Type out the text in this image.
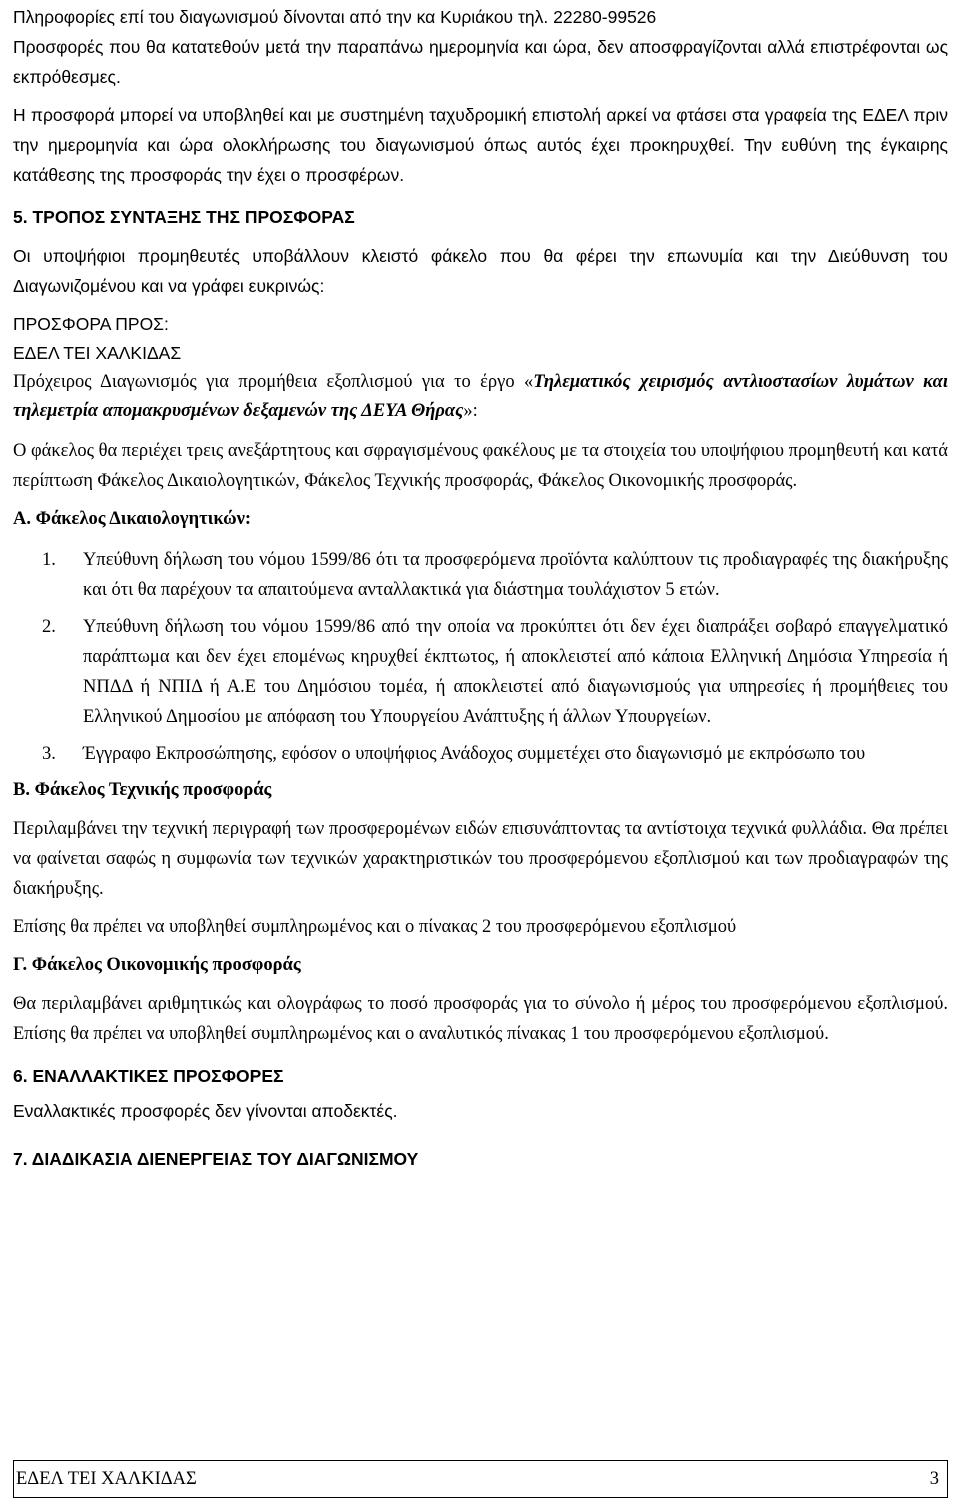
Πληροφορίες επί του διαγωνισμού δίνονται από την κα Κυριάκου τηλ. 22280-99526

Προσφορές που θα κατατεθούν μετά την παραπάνω ημερομηνία και ώρα, δεν αποσφραγίζονται αλλά επιστρέφονται ως εκπρόθεσμες.

Η προσφορά μπορεί να υποβληθεί και με συστημένη ταχυδρομική επιστολή αρκεί να φτάσει στα γραφεία της ΕΔΕΛ πριν την ημερομηνία και ώρα ολοκλήρωσης του διαγωνισμού όπως αυτός έχει προκηρυχθεί. Την ευθύνη της έγκαιρης κατάθεσης της προσφοράς την έχει ο προσφέρων.

5. ΤΡΟΠΟΣ ΣΥΝΤΑΞΗΣ ΤΗΣ ΠΡΟΣΦΟΡΑΣ

Οι υποψήφιοι προμηθευτές υποβάλλουν κλειστό φάκελο που θα φέρει την επωνυμία και την Διεύθυνση του Διαγωνιζομένου και να γράφει ευκρινώς:

ΠΡΟΣΦΟΡΑ ΠΡΟΣ:

ΕΔΕΛ ΤΕΙ ΧΑΛΚΙΔΑΣ

Πρόχειρος Διαγωνισμός για προμήθεια εξοπλισμού για το έργο «Τηλεματικός χειρισμός αντλιοστασίων λυμάτων και τηλεμετρία απομακρυσμένων δεξαμενών της ΔΕΥΑ Θήρας»:

Ο φάκελος θα περιέχει τρεις ανεξάρτητους και σφραγισμένους φακέλους με τα στοιχεία του υποψήφιου προμηθευτή και κατά περίπτωση Φάκελος Δικαιολογητικών, Φάκελος Τεχνικής προσφοράς, Φάκελος Οικονομικής προσφοράς.

Α. Φάκελος Δικαιολογητικών:
1. Υπεύθυνη δήλωση του νόμου 1599/86 ότι τα προσφερόμενα προϊόντα καλύπτουν τις προδιαγραφές της διακήρυξης και ότι θα παρέχουν τα απαιτούμενα ανταλλακτικά για διάστημα τουλάχιστον 5 ετών.
2. Υπεύθυνη δήλωση του νόμου 1599/86 από την οποία να προκύπτει ότι δεν έχει διαπράξει σοβαρό επαγγελματικό παράπτωμα και δεν έχει επομένως κηρυχθεί έκπτωτος, ή αποκλειστεί από κάποια Ελληνική Δημόσια Υπηρεσία ή ΝΠΔΔ ή ΝΠΙΔ ή Α.Ε του Δημόσιου τομέα, ή αποκλειστεί από διαγωνισμούς για υπηρεσίες ή προμήθειες του Ελληνικού Δημοσίου με απόφαση του Υπουργείου Ανάπτυξης ή άλλων Υπουργείων.
3. Έγγραφο Εκπροσώπησης, εφόσον ο υποψήφιος Ανάδοχος συμμετέχει στο διαγωνισμό με εκπρόσωπο του
Β. Φάκελος Τεχνικής προσφοράς

Περιλαμβάνει την τεχνική περιγραφή των προσφερομένων ειδών επισυνάπτοντας τα αντίστοιχα τεχνικά φυλλάδια. Θα πρέπει να φαίνεται σαφώς η συμφωνία των τεχνικών χαρακτηριστικών του προσφερόμενου εξοπλισμού και των προδιαγραφών της διακήρυξης.

Επίσης θα πρέπει να υποβληθεί συμπληρωμένος και ο πίνακας 2 του προσφερόμενου εξοπλισμού

Γ. Φάκελος Οικονομικής προσφοράς

Θα περιλαμβάνει αριθμητικώς και ολογράφως το ποσό προσφοράς για το σύνολο ή μέρος του προσφερόμενου εξοπλισμού. Επίσης θα πρέπει να υποβληθεί συμπληρωμένος και ο αναλυτικός πίνακας 1 του προσφερόμενου εξοπλισμού.

6. ΕΝΑΛΛΑΚΤΙΚΕΣ ΠΡΟΣΦΟΡΕΣ

Εναλλακτικές προσφορές δεν γίνονται αποδεκτές.

7. ΔΙΑΔΙΚΑΣΙΑ ΔΙΕΝΕΡΓΕΙΑΣ ΤΟΥ ΔΙΑΓΩΝΙΣΜΟΥ
ΕΔΕΛ ΤΕΙ ΧΑΛΚΙΔΑΣ	3
